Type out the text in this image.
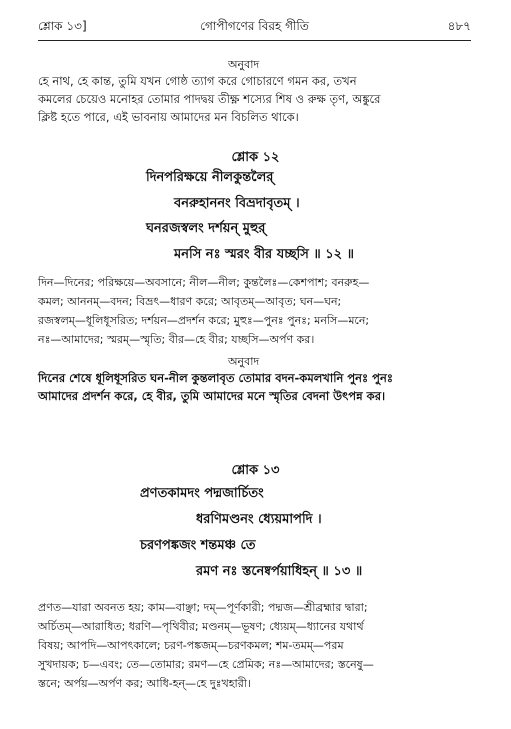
শ্লোক ১৩]	গোপীগণের বিরহ গীতি	৪৮৭
অনুবাদ

হে নাথ, হে কান্ত, তুমি যখন গোষ্ঠ ত্যাগ করে গোচারণে গমন কর, তখন

কমলের চেয়েও মনোহর তোমার পাদদ্বয় তীক্ষ্ণ শস্যের শিষ ও রুক্ষ তৃণ, অঙ্কুরে

ক্লিষ্ট হতে পারে, এই ভাবনায় আমাদের মন বিচলিত থাকে।

শ্লোক ১২
দিনপরিক্ষয়ে নীলকুন্তলৈর্
বনরুহাননং বিভ্রদাবৃতম্ ।
ঘনরজস্বলং দর্শয়ন্ মুহুর্
মনসি নঃ স্মরং বীর যচ্ছসি ॥ ১২ ॥

দিন—দিনের; পরিক্ষয়ে—অবসানে; নীল—নীল; কুন্তলৈঃ—কেশপাশ; বনরুহ—

কমল; আননম্—বদন; বিভ্রৎ—ধারণ করে; আবৃতম্—আবৃত; ঘন—ঘন;

রজস্বলম্—ধূলিধূসরিত; দর্শয়ন—প্রদর্শন করে; মুহুঃ—পুনঃ পুনঃ; মনসি—মনে;

নঃ—আমাদের; স্মরম্—স্মৃতি; বীর—হে বীর; যচ্ছসি—অর্পণ কর।

অনুবাদ

দিনের শেষে ধূলিধূসরিত ঘন-নীল কুন্তলাবৃত তোমার বদন-কমলখানি পুনঃ পুনঃ

আমাদের প্রদর্শন করে, হে বীর, তুমি আমাদের মনে স্মৃতির বেদনা উৎপন্ন কর।

শ্লোক ১৩
প্রণতকামদং পদ্মজার্চিতং
ধরণিমণ্ডনং ধ্যেয়মাপদি ।
চরণপঙ্কজং শন্তমঞ্চ তে
রমণ নঃ স্তনেষ্বর্পয়াধিহন্ ॥ ১৩ ॥

প্রণত—যারা অবনত হয়; কাম—বাঞ্ছা; দম্—পূর্ণকারী; পদ্মজ—শ্রীব্রহ্মার দ্বারা;

অর্চিতম্—আরাধিত; ধরণি—পৃথিবীর; মণ্ডনম্—ভূষণ; ধ্যেয়ম্—ধ্যানের যথার্থ

বিষয়; আপদি—আপৎকালে; চরণ-পঙ্কজম্—চরণকমল; শম-তমম্—পরম

সুখদায়ক; চ—এবং; তে—তোমার; রমণ—হে প্রেমিক; নঃ—আমাদের; স্তনেষু—

স্তনে; অর্পয়—অর্পণ কর; আধি-হন্—হে দুঃখহারী।
